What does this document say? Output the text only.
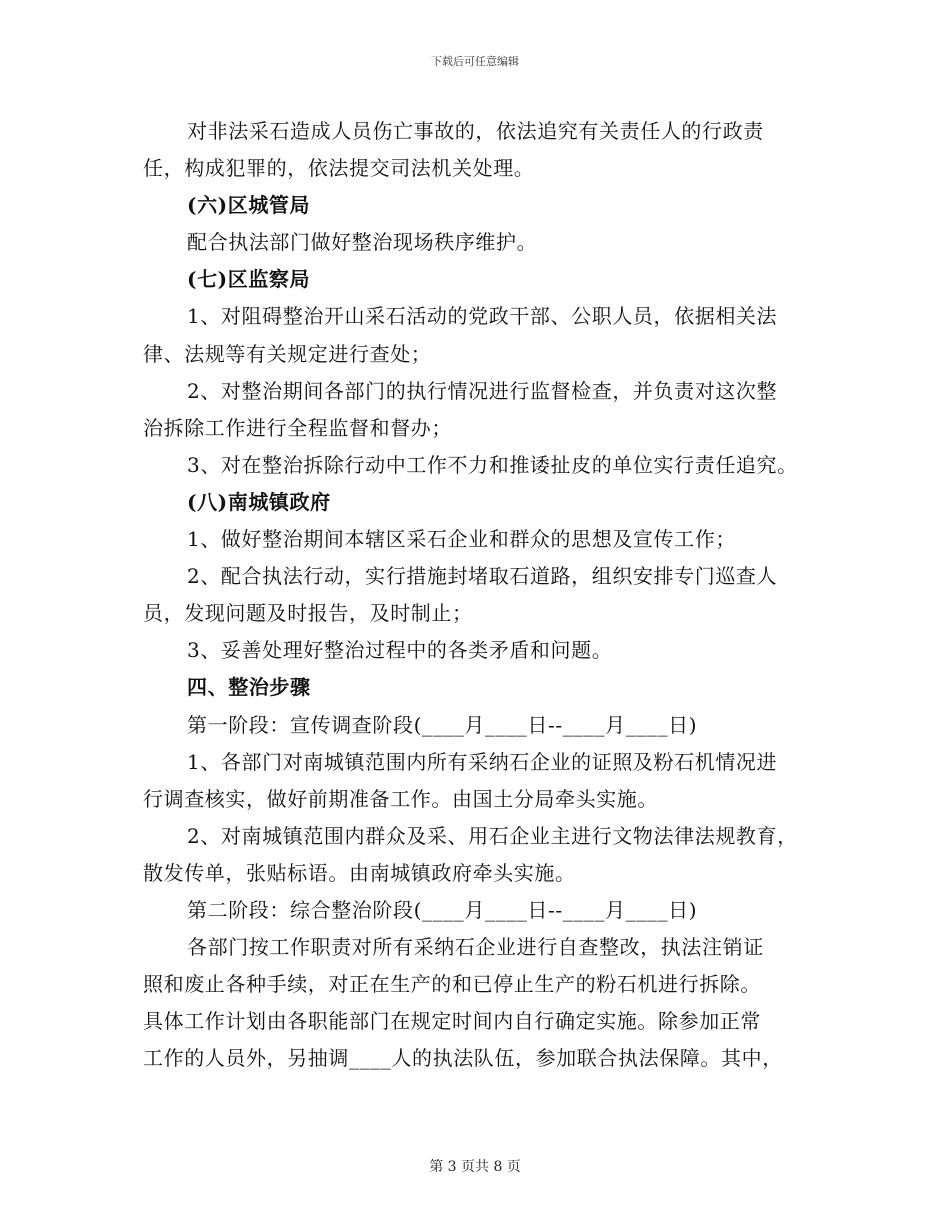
下载后可任意编辑
对非法采石造成人员伤亡事故的，依法追究有关责任人的行政责
任，构成犯罪的，依法提交司法机关处理。
(六)区城管局
配合执法部门做好整治现场秩序维护。
(七)区监察局
1、对阻碍整治开山采石活动的党政干部、公职人员，依据相关法
律、法规等有关规定进行查处；
2、对整治期间各部门的执行情况进行监督检查，并负责对这次整
治拆除工作进行全程监督和督办；
3、对在整治拆除行动中工作不力和推诿扯皮的单位实行责任追究。
(八)南城镇政府
1、做好整治期间本辖区采石企业和群众的思想及宣传工作；
2、配合执法行动，实行措施封堵取石道路，组织安排专门巡查人
员，发现问题及时报告，及时制止；
3、妥善处理好整治过程中的各类矛盾和问题。
四、整治步骤
第一阶段：宣传调查阶段(____月____日--____月____日)
1、各部门对南城镇范围内所有采纳石企业的证照及粉石机情况进
行调查核实，做好前期准备工作。由国土分局牵头实施。
2、对南城镇范围内群众及采、用石企业主进行文物法律法规教育，
散发传单，张贴标语。由南城镇政府牵头实施。
第二阶段：综合整治阶段(____月____日--____月____日)
各部门按工作职责对所有采纳石企业进行自查整改，执法注销证
照和废止各种手续，对正在生产的和已停止生产的粉石机进行拆除。
具体工作计划由各职能部门在规定时间内自行确定实施。除参加正常
工作的人员外，另抽调____人的执法队伍，参加联合执法保障。其中，
第 3 页共 8 页
